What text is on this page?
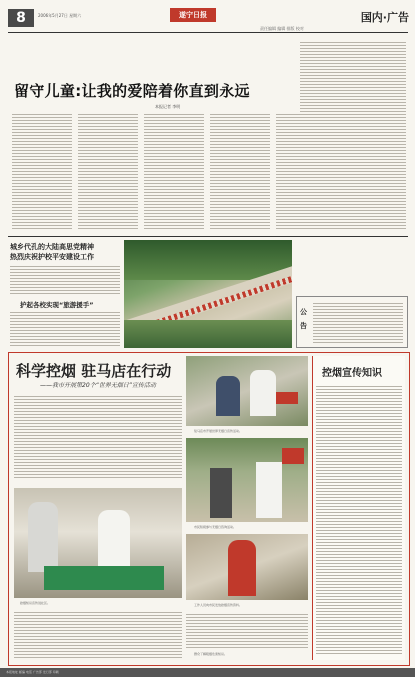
8	2006年5月27日 星期六	遂宁日报	国内·广告
责任编辑 编辑 排版 校对
留守儿童:让我的爱陪着你直到永远
本报记者 李明
城乡代孔的大陆高思党精神
热烈庆祝护校平安建设工作
护起各校实现“旅游援手”
公
告
科学控烟 驻马店在行动
——我市开展第20个“世界无烟日”宣传活动
驻马店市开展世界无烟日宣传活动。
市民积极参与无烟日咨询活动。
工作人员向市民发放控烟宣传资料。
控烟知识宣传进社区。
群众了解吸烟危害知识。
控烟宣传知识
本报地址 邮编 电话 广告部 发行部 印刷
